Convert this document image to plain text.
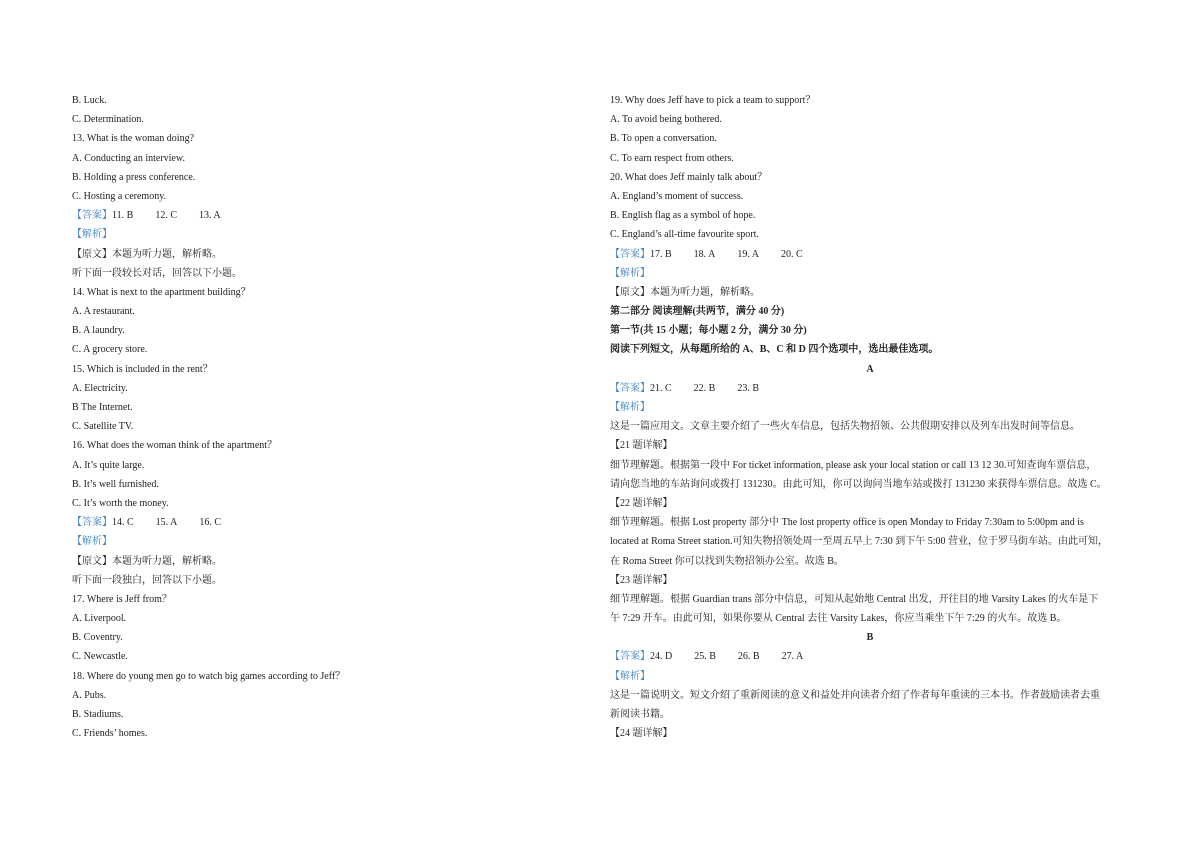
B. Luck.
C. Determination.
13. What is the woman doing?
A. Conducting an interview.
B. Holding a press conference.
C. Hosting a ceremony.
【答案】11. B 12. C 13. A
【解析】
【原文】本题为听力题，解析略。
听下面一段较长对话，回答以下小题。
14. What is next to the apartment building？
A. A restaurant.
B. A laundry.
C. A grocery store.
15. Which is included in the rent？
A. Electricity.
B The Internet.
C. Satellite TV.
16. What does the woman think of the apartment？
A. It’s quite large.
B. It’s well furnished.
C. It’s worth the money.
【答案】14. C 15. A 16. C
【解析】
【原文】本题为听力题，解析略。
听下面一段独白，回答以下小题。
17. Where is Jeff from？
A. Liverpool.
B. Coventry.
C. Newcastle.
18. Where do young men go to watch big games according to Jeff？
A. Pubs.
B. Stadiums.
C. Friends’ homes.
19. Why does Jeff have to pick a team to support？
A. To avoid being bothered.
B. To open a conversation.
C. To earn respect from others.
20. What does Jeff mainly talk about？
A. England’s moment of success.
B. English flag as a symbol of hope.
C. England’s all-time favourite sport.
【答案】17. B 18. A 19. A 20. C
【解析】
【原文】本题为听力题，解析略。
第二部分 阅读理解(共两节，满分 40 分)
第一节(共 15 小题；每小题 2 分，满分 30 分)
阅读下列短文，从每题所给的 A、B、C 和 D 四个选项中，选出最佳选项。
A
【答案】21. C 22. B 23. B
【解析】
这是一篇应用文。文章主要介绍了一些火车信息，包括失物招领、公共假期安排以及列车出发时间等信息。
【21 题详解】
细节理解题。根据第一段中 For ticket information, please ask your local station or call 13 12 30.可知查询车票信息，
请向您当地的车站询问或拨打 131230。由此可知，你可以询问当地车站或拨打 131230 来获得车票信息。故选 C。
【22 题详解】
细节理解题。根据 Lost property 部分中 The lost property office is open Monday to Friday 7:30am to 5:00pm and is
located at Roma Street station.可知失物招领处周一至周五早上 7:30 到下午 5:00 营业，位于罗马街车站。由此可知，
在 Roma Street 你可以找到失物招领办公室。故选 B。
【23 题详解】
细节理解题。根据 Guardian trans 部分中信息，可知从起始地 Central 出发，开往目的地 Varsity Lakes 的火车是下
午 7:29 开车。由此可知，如果你要从 Central 去往 Varsity Lakes，你应当乘坐下午 7:29 的火车。故选 B。
B
【答案】24. D 25. B 26. B 27. A
【解析】
这是一篇说明文。短文介绍了重新阅读的意义和益处并向读者介绍了作者每年重读的三本书。作者鼓励读者去重
新阅读书籍。
【24 题详解】
